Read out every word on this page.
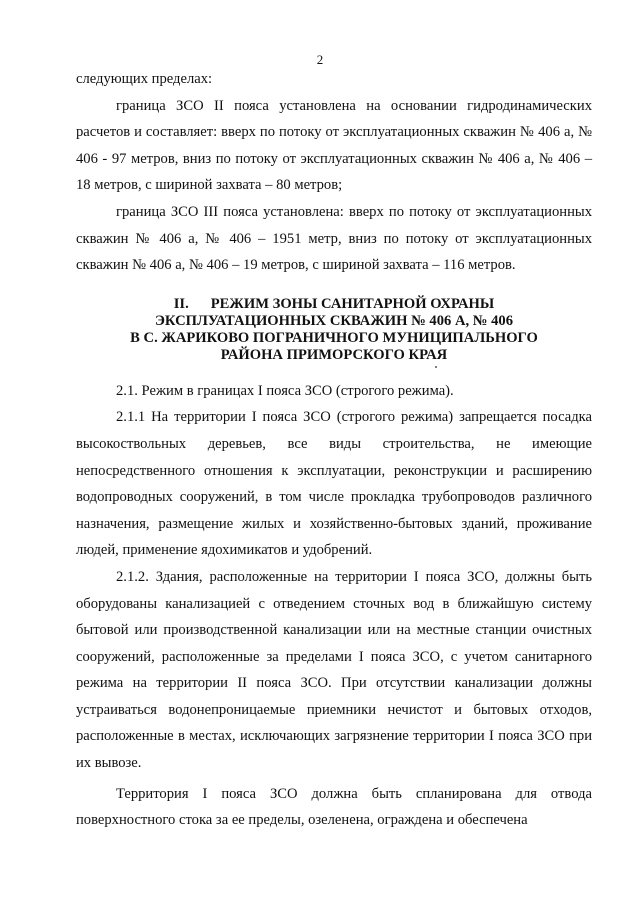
2

следующих пределах:

граница ЗСО II пояса установлена на основании гидродинамических расчетов и составляет: вверх по потоку от эксплуатационных скважин № 406 а, № 406 - 97 метров, вниз по потоку от эксплуатационных скважин № 406 а, № 406 – 18 метров, с шириной захвата – 80 метров;

граница ЗСО III пояса установлена: вверх по потоку от эксплуатационных скважин № 406 а, № 406 – 1951 метр, вниз по потоку от эксплуатационных скважин № 406 а, № 406 – 19 метров, с шириной захвата – 116 метров.

II. РЕЖИМ ЗОНЫ САНИТАРНОЙ ОХРАНЫ
ЭКСПЛУАТАЦИОННЫХ СКВАЖИН № 406 А, № 406
В С. ЖАРИКОВО ПОГРАНИЧНОГО МУНИЦИПАЛЬНОГО
РАЙОНА ПРИМОРСКОГО КРАЯ

2.1. Режим в границах I пояса ЗСО (строгого режима).

2.1.1 На территории I пояса ЗСО (строгого режима) запрещается посадка высокоствольных деревьев, все виды строительства, не имеющие непосредственного отношения к эксплуатации, реконструкции и расширению водопроводных сооружений, в том числе прокладка трубопроводов различного назначения, размещение жилых и хозяйственно-бытовых зданий, проживание людей, применение ядохимикатов и удобрений.

2.1.2. Здания, расположенные на территории I пояса ЗСО, должны быть оборудованы канализацией с отведением сточных вод в ближайшую систему бытовой или производственной канализации или на местные станции очистных сооружений, расположенные за пределами I пояса ЗСО, с учетом санитарного режима на территории II пояса ЗСО. При отсутствии канализации должны устраиваться водонепроницаемые приемники нечистот и бытовых отходов, расположенные в местах, исключающих загрязнение территории I пояса ЗСО при их вывозе.

Территория I пояса ЗСО должна быть спланирована для отвода поверхностного стока за ее пределы, озеленена, ограждена и обеспечена
